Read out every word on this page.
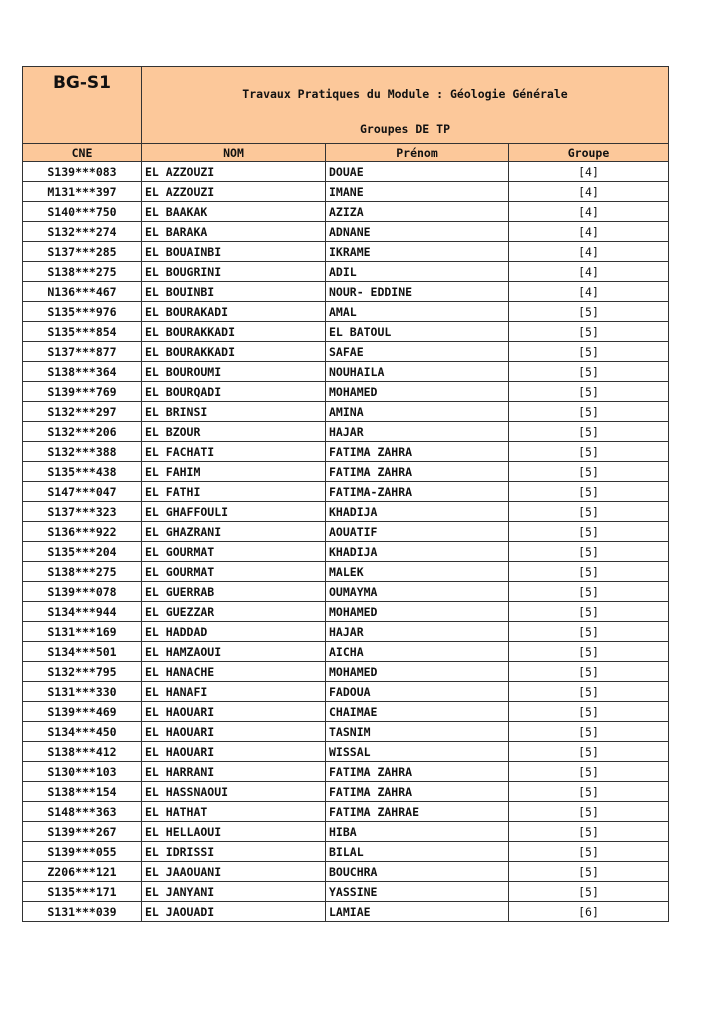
BG-S1	Travaux Pratiques du Module : Géologie Générale
Groupes DE TP		

CNE	NOM	Prénom	Groupe
S139***083	EL AZZOUZI	DOUAE	[4]
M131***397	EL AZZOUZI	IMANE	[4]
S140***750	EL BAAKAK	AZIZA	[4]
S132***274	EL BARAKA	ADNANE	[4]
S137***285	EL BOUAINBI	IKRAME	[4]
S138***275	EL BOUGRINI	ADIL	[4]
N136***467	EL BOUINBI	NOUR- EDDINE	[4]
S135***976	EL BOURAKADI	AMAL	[5]
S135***854	EL BOURAKKADI	EL BATOUL	[5]
S137***877	EL BOURAKKADI	SAFAE	[5]
S138***364	EL BOUROUMI	NOUHAILA	[5]
S139***769	EL BOURQADI	MOHAMED	[5]
S132***297	EL BRINSI	AMINA	[5]
S132***206	EL BZOUR	HAJAR	[5]
S132***388	EL FACHATI	FATIMA ZAHRA	[5]
S135***438	EL FAHIM	FATIMA ZAHRA	[5]
S147***047	EL FATHI	FATIMA-ZAHRA	[5]
S137***323	EL GHAFFOULI	KHADIJA	[5]
S136***922	EL GHAZRANI	AOUATIF	[5]
S135***204	EL GOURMAT	KHADIJA	[5]
S138***275	EL GOURMAT	MALEK	[5]
S139***078	EL GUERRAB	OUMAYMA	[5]
S134***944	EL GUEZZAR	MOHAMED	[5]
S131***169	EL HADDAD	HAJAR	[5]
S134***501	EL HAMZAOUI	AICHA	[5]
S132***795	EL HANACHE	MOHAMED	[5]
S131***330	EL HANAFI	FADOUA	[5]
S139***469	EL HAOUARI	CHAIMAE	[5]
S134***450	EL HAOUARI	TASNIM	[5]
S138***412	EL HAOUARI	WISSAL	[5]
S130***103	EL HARRANI	FATIMA ZAHRA	[5]
S138***154	EL HASSNAOUI	FATIMA ZAHRA	[5]
S148***363	EL HATHAT	FATIMA ZAHRAE	[5]
S139***267	EL HELLAOUI	HIBA	[5]
S139***055	EL IDRISSI	BILAL	[5]
Z206***121	EL JAAOUANI	BOUCHRA	[5]
S135***171	EL JANYANI	YASSINE	[5]
S131***039	EL JAOUADI	LAMIAE	[6]
